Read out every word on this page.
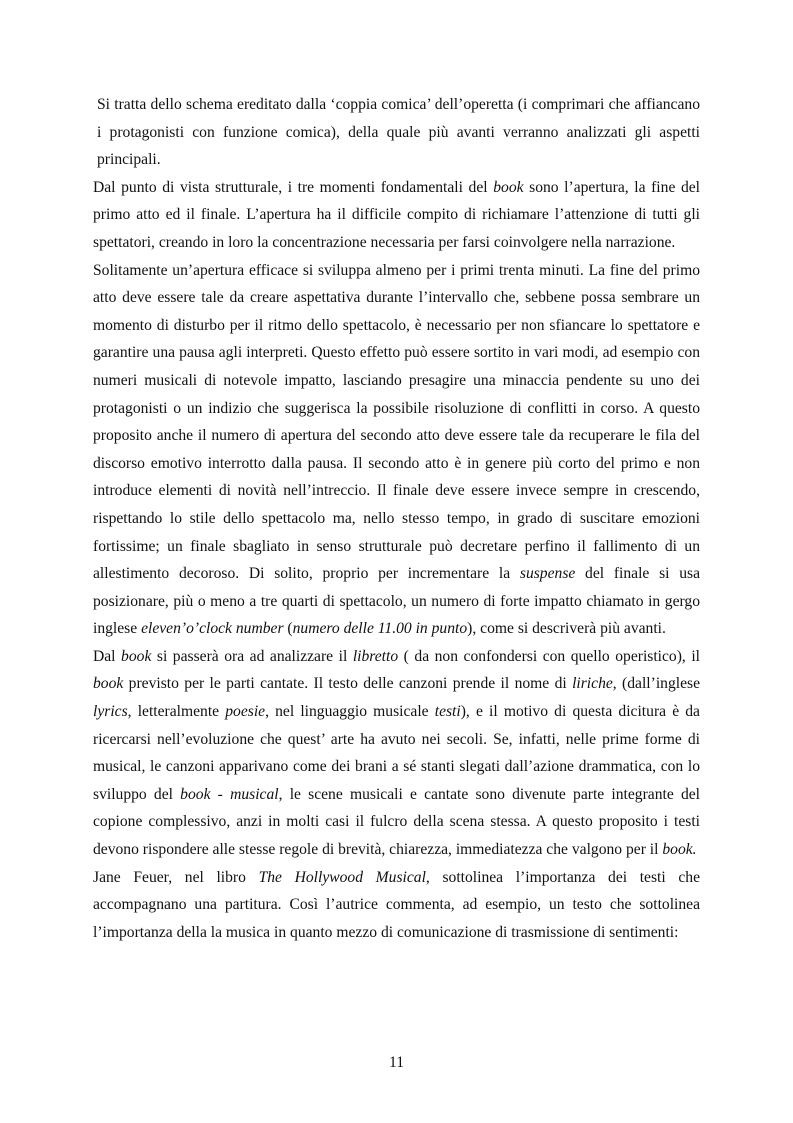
Si tratta dello schema ereditato dalla ‘coppia comica’ dell’operetta (i comprimari che affiancano i protagonisti con funzione comica), della quale più avanti verranno analizzati gli aspetti principali.

Dal punto di vista strutturale, i tre momenti fondamentali del book sono l’apertura, la fine del primo atto ed il finale. L’apertura ha il difficile compito di richiamare l’attenzione di tutti gli spettatori, creando in loro la concentrazione necessaria per farsi coinvolgere nella narrazione.

Solitamente un’apertura efficace si sviluppa almeno per i primi trenta minuti. La fine del primo atto deve essere tale da creare aspettativa durante l’intervallo che, sebbene possa sembrare un momento di disturbo per il ritmo dello spettacolo, è necessario per non sfiancare lo spettatore e garantire una pausa agli interpreti. Questo effetto può essere sortito in vari modi, ad esempio con numeri musicali di notevole impatto, lasciando presagire una minaccia pendente su uno dei protagonisti o un indizio che suggerisca la possibile risoluzione di conflitti in corso. A questo proposito anche il numero di apertura del secondo atto deve essere tale da recuperare le fila del discorso emotivo interrotto dalla pausa. Il secondo atto è in genere più corto del primo e non introduce elementi di novità nell’intreccio. Il finale deve essere invece sempre in crescendo, rispettando lo stile dello spettacolo ma, nello stesso tempo, in grado di suscitare emozioni fortissime; un finale sbagliato in senso strutturale può decretare perfino il fallimento di un allestimento decoroso. Di solito, proprio per incrementare la suspense del finale si usa posizionare, più o meno a tre quarti di spettacolo, un numero di forte impatto chiamato in gergo inglese eleven’o’clock number (numero delle 11.00 in punto), come si descriverà più avanti.

Dal book si passerà ora ad analizzare il libretto ( da non confondersi con quello operistico), il book previsto per le parti cantate. Il testo delle canzoni prende il nome di liriche, (dall’inglese lyrics, letteralmente poesie, nel linguaggio musicale testi), e il motivo di questa dicitura è da ricercarsi nell’evoluzione che quest’ arte ha avuto nei secoli. Se, infatti, nelle prime forme di musical, le canzoni apparivano come dei brani a sé stanti slegati dall’azione drammatica, con lo sviluppo del book - musical, le scene musicali e cantate sono divenute parte integrante del copione complessivo, anzi in molti casi il fulcro della scena stessa. A questo proposito i testi devono rispondere alle stesse regole di brevità, chiarezza, immediatezza che valgono per il book.

Jane Feuer, nel libro The Hollywood Musical, sottolinea l’importanza dei testi che accompagnano una partitura. Così l’autrice commenta, ad esempio, un testo che sottolinea l’importanza della la musica in quanto mezzo di comunicazione di trasmissione di sentimenti:

11
